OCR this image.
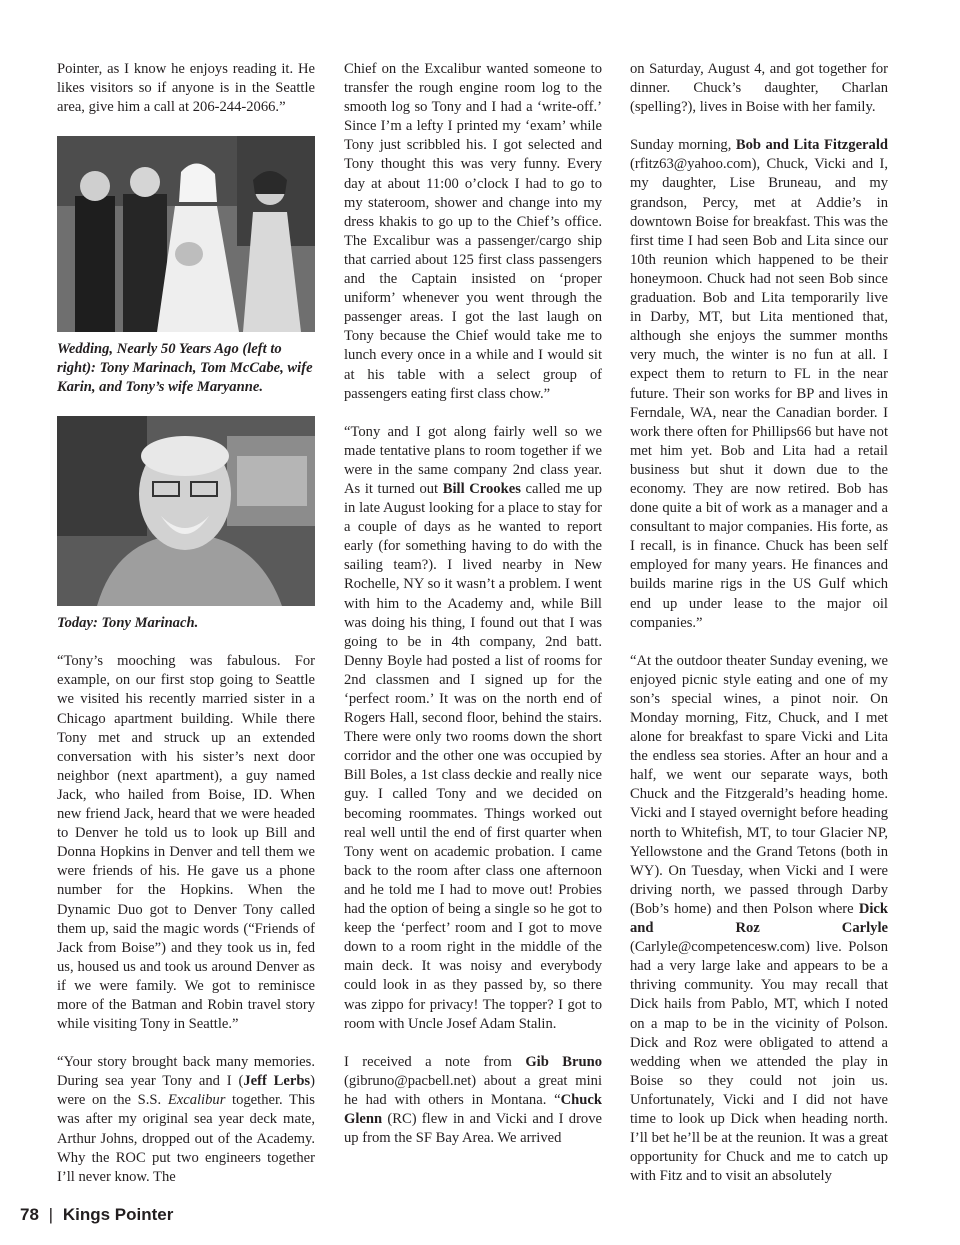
Pointer, as I know he enjoys reading it. He likes visitors so if anyone is in the Seattle area, give him a call at 206-244-2066.”

Wedding, Nearly 50 Years Ago (left to right): Tony Marinach, Tom McCabe, wife Karin, and Tony’s wife Maryanne.

Today: Tony Marinach.

“Tony’s mooching was fabulous. For example, on our first stop going to Seattle we visited his recently married sister in a Chicago apartment building. While there Tony met and struck up an extended conversation with his sister’s next door neighbor (next apartment), a guy named Jack, who hailed from Boise, ID. When new friend Jack, heard that we were headed to Denver he told us to look up Bill and Donna Hopkins in Denver and tell them we were friends of his. He gave us a phone number for the Hopkins. When the Dynamic Duo got to Denver Tony called them up, said the magic words (“Friends of Jack from Boise”) and they took us in, fed us, housed us and took us around Denver as if we were family. We got to reminisce more of the Batman and Robin travel story while visiting Tony in Seattle.”

“Your story brought back many memories. During sea year Tony and I (Jeff Lerbs) were on the S.S. Excalibur together. This was after my original sea year deck mate, Arthur Johns, dropped out of the Academy. Why the ROC put two engineers together I’ll never know. The

Chief on the Excalibur wanted someone to transfer the rough engine room log to the smooth log so Tony and I had a ‘write-off.’ Since I’m a lefty I printed my ‘exam’ while Tony just scribbled his. I got selected and Tony thought this was very funny. Every day at about 11:00 o’clock I had to go to my stateroom, shower and change into my dress khakis to go up to the Chief’s office. The Excalibur was a passenger/cargo ship that carried about 125 first class passengers and the Captain insisted on ‘proper uniform’ whenever you went through the passenger areas. I got the last laugh on Tony because the Chief would take me to lunch every once in a while and I would sit at his table with a select group of passengers eating first class chow.”

“Tony and I got along fairly well so we made tentative plans to room together if we were in the same company 2nd class year. As it turned out Bill Crookes called me up in late August looking for a place to stay for a couple of days as he wanted to report early (for something having to do with the sailing team?). I lived nearby in New Rochelle, NY so it wasn’t a problem. I went with him to the Academy and, while Bill was doing his thing, I found out that I was going to be in 4th company, 2nd batt. Denny Boyle had posted a list of rooms for 2nd classmen and I signed up for the ‘perfect room.’ It was on the north end of Rogers Hall, second floor, behind the stairs. There were only two rooms down the short corridor and the other one was occupied by Bill Boles, a 1st class deckie and really nice guy. I called Tony and we decided on becoming roommates. Things worked out real well until the end of first quarter when Tony went on academic probation. I came back to the room after class one afternoon and he told me I had to move out! Probies had the option of being a single so he got to keep the ‘perfect’ room and I got to move down to a room right in the middle of the main deck. It was noisy and everybody could look in as they passed by, so there was zippo for privacy! The topper? I got to room with Uncle Josef Adam Stalin.

I received a note from Gib Bruno (gibruno@pacbell.net) about a great mini he had with others in Montana. “Chuck Glenn (RC) flew in and Vicki and I drove up from the SF Bay Area. We arrived

on Saturday, August 4, and got together for dinner. Chuck’s daughter, Charlan (spelling?), lives in Boise with her family.

Sunday morning, Bob and Lita Fitzgerald (rfitz63@yahoo.com), Chuck, Vicki and I, my daughter, Lise Bruneau, and my grandson, Percy, met at Addie’s in downtown Boise for breakfast. This was the first time I had seen Bob and Lita since our 10th reunion which happened to be their honeymoon. Chuck had not seen Bob since graduation. Bob and Lita temporarily live in Darby, MT, but Lita mentioned that, although she enjoys the summer months very much, the winter is no fun at all. I expect them to return to FL in the near future. Their son works for BP and lives in Ferndale, WA, near the Canadian border. I work there often for Phillips66 but have not met him yet. Bob and Lita had a retail business but shut it down due to the economy. They are now retired. Bob has done quite a bit of work as a manager and a consultant to major companies. His forte, as I recall, is in finance. Chuck has been self employed for many years. He finances and builds marine rigs in the US Gulf which end up under lease to the major oil companies.”

“At the outdoor theater Sunday evening, we enjoyed picnic style eating and one of my son’s special wines, a pinot noir. On Monday morning, Fitz, Chuck, and I met alone for breakfast to spare Vicki and Lita the endless sea stories. After an hour and a half, we went our separate ways, both Chuck and the Fitzgerald’s heading home. Vicki and I stayed overnight before heading north to Whitefish, MT, to tour Glacier NP, Yellowstone and the Grand Tetons (both in WY). On Tuesday, when Vicki and I were driving north, we passed through Darby (Bob’s home) and then Polson where Dick and Roz Carlyle (Carlyle@competencesw.com) live. Polson had a very large lake and appears to be a thriving community. You may recall that Dick hails from Pablo, MT, which I noted on a map to be in the vicinity of Polson. Dick and Roz were obligated to attend a wedding when we attended the play in Boise so they could not join us. Unfortunately, Vicki and I did not have time to look up Dick when heading north. I’ll bet he’ll be at the reunion. It was a great opportunity for Chuck and me to catch up with Fitz and to visit an absolutely

78 | Kings Pointer
